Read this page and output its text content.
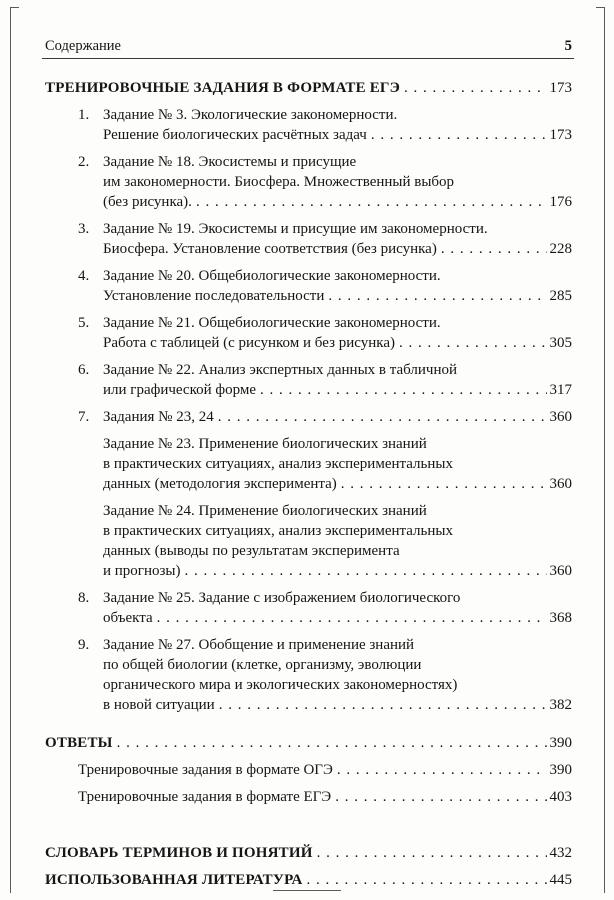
Содержание	5
ТРЕНИРОВОЧНЫЕ ЗАДАНИЯ В ФОРМАТЕ ЕГЭ . . .	173
1. Задание № 3. Экологические закономерности.
Решение биологических расчётных задач . . .	173
2. Задание № 18. Экосистемы и присущие
им закономерности. Биосфера. Множественный выбор
(без рисунка). . . .	176
3. Задание № 19. Экосистемы и присущие им закономерности.
Биосфера. Установление соответствия (без рисунка) . . .	228
4. Задание № 20. Общебиологические закономерности.
Установление последовательности . . .	285
5. Задание № 21. Общебиологические закономерности.
Работа с таблицей (с рисунком и без рисунка) . . .	305
6. Задание № 22. Анализ экспертных данных в табличной
или графической форме . . .	317
7. Задания № 23, 24 . . .	360
Задание № 23. Применение биологических знаний
в практических ситуациях, анализ экспериментальных
данных (методология эксперимента) . . .	360
Задание № 24. Применение биологических знаний
в практических ситуациях, анализ экспериментальных
данных (выводы по результатам эксперимента
и прогнозы) . . .	360
8. Задание № 25. Задание с изображением биологического
объекта . . .	368
9. Задание № 27. Обобщение и применение знаний
по общей биологии (клетке, организму, эволюции
органического мира и экологических закономерностях)
в новой ситуации . . .	382
ОТВЕТЫ . . .	390
Тренировочные задания в формате ОГЭ . . .	390
Тренировочные задания в формате ЕГЭ . . .	403
СЛОВАРЬ ТЕРМИНОВ И ПОНЯТИЙ . . .	432
ИСПОЛЬЗОВАННАЯ ЛИТЕРАТУРА . . .	445
